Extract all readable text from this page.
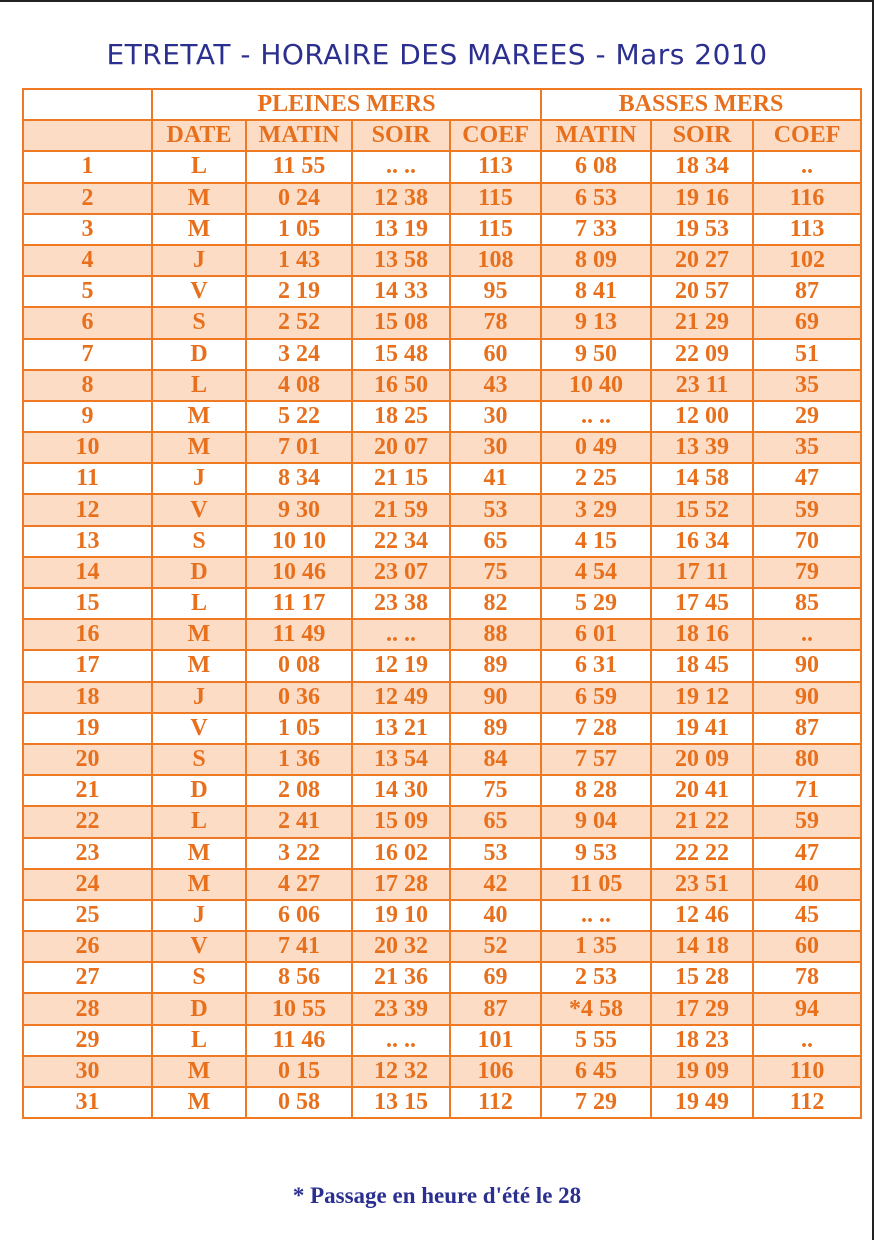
ETRETAT - HORAIRE DES MAREES - Mars 2010
	PLEINES MERS				BASSES MERS		
	DATE	MATIN	SOIR	COEF	MATIN	SOIR	COEF
1	L	11 55	.. ..	113	6 08	18 34	..
2	M	0 24	12 38	115	6 53	19 16	116
3	M	1 05	13 19	115	7 33	19 53	113
4	J	1 43	13 58	108	8 09	20 27	102
5	V	2 19	14 33	95	8 41	20 57	87
6	S	2 52	15 08	78	9 13	21 29	69
7	D	3 24	15 48	60	9 50	22 09	51
8	L	4 08	16 50	43	10 40	23 11	35
9	M	5 22	18 25	30	.. ..	12 00	29
10	M	7 01	20 07	30	0 49	13 39	35
11	J	8 34	21 15	41	2 25	14 58	47
12	V	9 30	21 59	53	3 29	15 52	59
13	S	10 10	22 34	65	4 15	16 34	70
14	D	10 46	23 07	75	4 54	17 11	79
15	L	11 17	23 38	82	5 29	17 45	85
16	M	11 49	.. ..	88	6 01	18 16	..
17	M	0 08	12 19	89	6 31	18 45	90
18	J	0 36	12 49	90	6 59	19 12	90
19	V	1 05	13 21	89	7 28	19 41	87
20	S	1 36	13 54	84	7 57	20 09	80
21	D	2 08	14 30	75	8 28	20 41	71
22	L	2 41	15 09	65	9 04	21 22	59
23	M	3 22	16 02	53	9 53	22 22	47
24	M	4 27	17 28	42	11 05	23 51	40
25	J	6 06	19 10	40	.. ..	12 46	45
26	V	7 41	20 32	52	1 35	14 18	60
27	S	8 56	21 36	69	2 53	15 28	78
28	D	10 55	23 39	87	*4 58	17 29	94
29	L	11 46	.. ..	101	5 55	18 23	..
30	M	0 15	12 32	106	6 45	19 09	110
31	M	0 58	13 15	112	7 29	19 49	112
* Passage en heure d'été le 28
